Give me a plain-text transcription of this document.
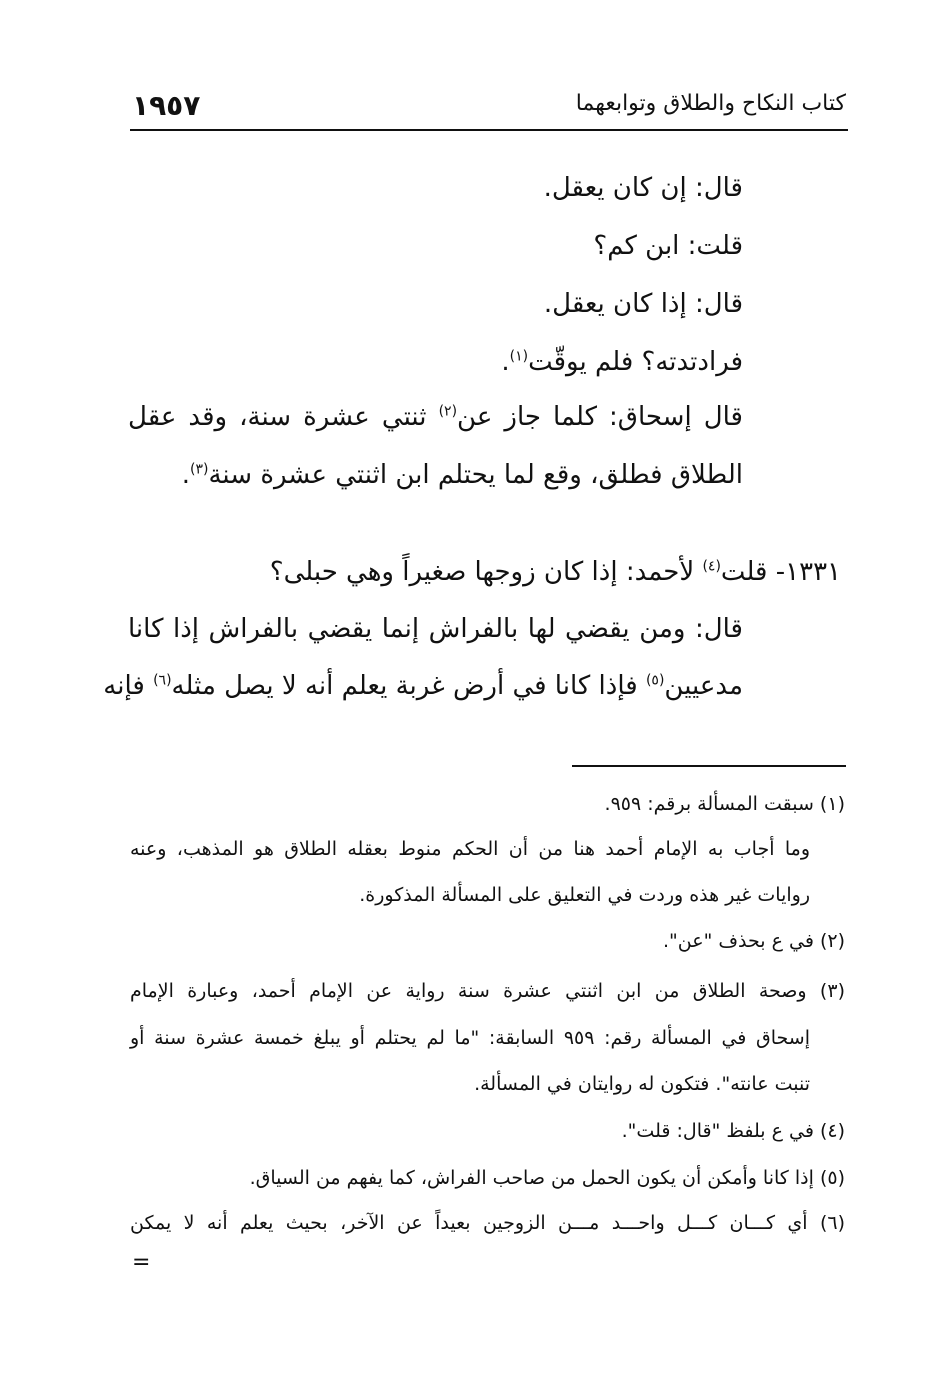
١٩٥٧	كتاب النكاح والطلاق وتوابعهما
قال: إن كان يعقل.
قلت: ابن كم؟
قال: إذا كان يعقل.
فرادتدته؟ فلم يوقّت$^{(١)}$.
قال إسحاق: كلما جاز عن$^{(٢)}$ ثنتي عشرة سنة، وقد عقل
الطلاق فطلق، وقع لما يحتلم ابن اثنتي عشرة سنة$^{(٣)}$.
١٣٣١- قلت$^{(٤)}$ لأحمد: إذا كان زوجها صغيراً وهي حبلى؟
قال: ومن يقضي لها بالفراش إنما يقضي بالفراش إذا كانا
مدعيين$^{(٥)}$ فإذا كانا في أرض غربة يعلم أنه لا يصل مثله$^{(٦)}$ فإنه
(١) سبقت المسألة برقم: ٩٥٩.
وما أجاب به الإمام أحمد هنا من أن الحكم منوط بعقله الطلاق هو المذهب، وعنه
روايات غير هذه وردت في التعليق على المسألة المذكورة.
(٢) في ع بحذف "عن".
(٣) وصحة الطلاق من ابن اثنتي عشرة سنة رواية عن الإمام أحمد، وعبارة الإمام
إسحاق في المسألة رقم: ٩٥٩ السابقة: "ما لم يحتلم أو يبلغ خمسة عشرة سنة أو
تنبت عانته". فتكون له روايتان في المسألة.
(٤) في ع بلفظ "قال: قلت".
(٥) إذا كانا وأمكن أن يكون الحمل من صاحب الفراش، كما يفهم من السياق.
(٦) أي كـــان كـــل واحـــد مـــن الزوجين بعيداً عن الآخر، بحيث يعلم أنه لا يمكن
=
